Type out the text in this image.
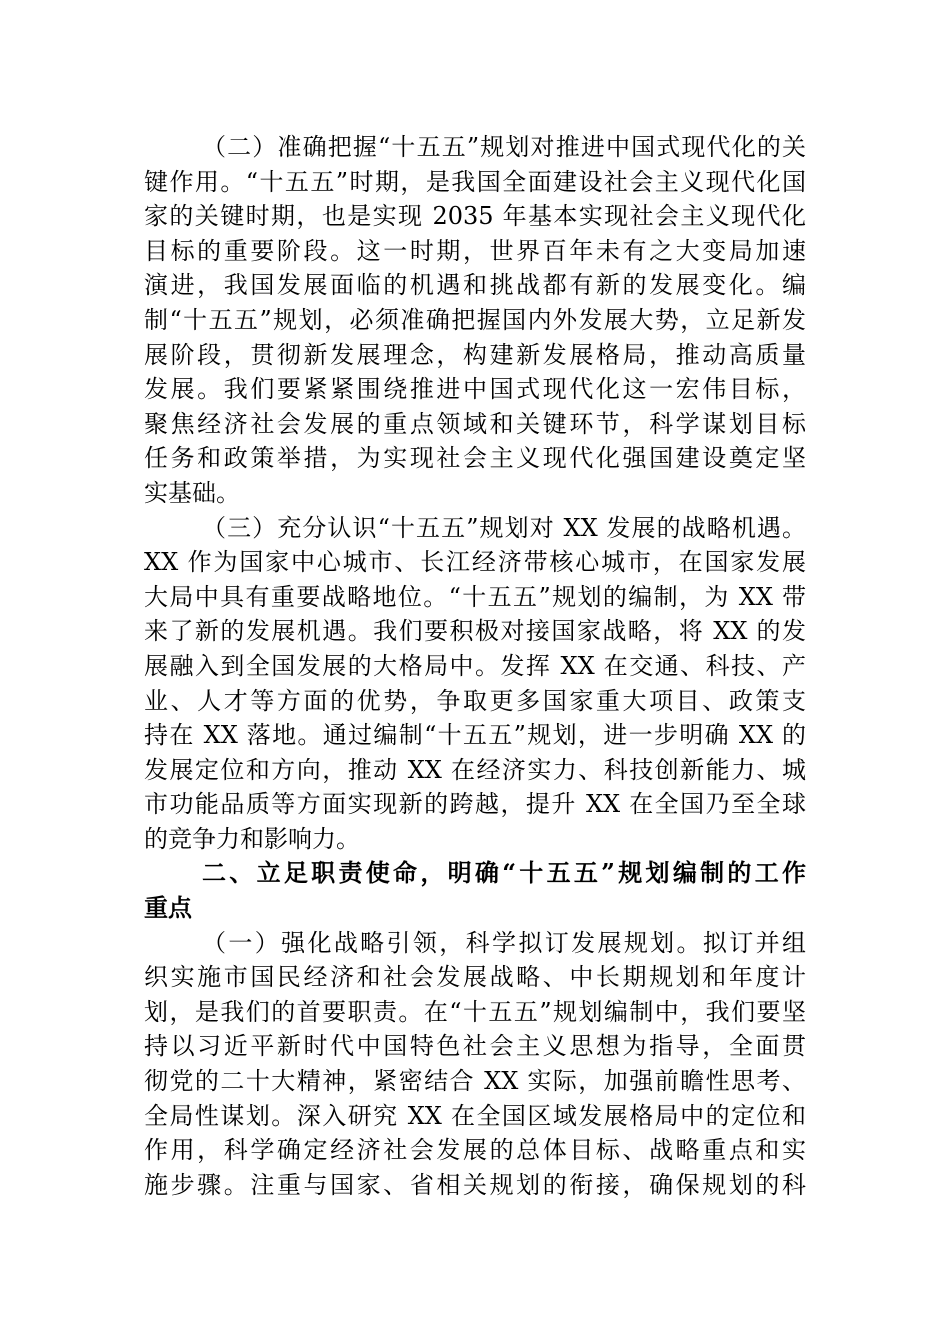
（二）准确把握“十五五”规划对推进中国式现代化的关
键作用。“十五五”时期，是我国全面建设社会主义现代化国
家的关键时期，也是实现 2035 年基本实现社会主义现代化
目标的重要阶段。这一时期，世界百年未有之大变局加速
演进，我国发展面临的机遇和挑战都有新的发展变化。编
制“十五五”规划，必须准确把握国内外发展大势，立足新发
展阶段，贯彻新发展理念，构建新发展格局，推动高质量
发展。我们要紧紧围绕推进中国式现代化这一宏伟目标，
聚焦经济社会发展的重点领域和关键环节，科学谋划目标
任务和政策举措，为实现社会主义现代化强国建设奠定坚
实基础。
（三）充分认识“十五五”规划对 XX 发展的战略机遇。
XX 作为国家中心城市、长江经济带核心城市，在国家发展
大局中具有重要战略地位。“十五五”规划的编制，为 XX 带
来了新的发展机遇。我们要积极对接国家战略，将 XX 的发
展融入到全国发展的大格局中。发挥 XX 在交通、科技、产
业、人才等方面的优势，争取更多国家重大项目、政策支
持在 XX 落地。通过编制“十五五”规划，进一步明确 XX 的
发展定位和方向，推动 XX 在经济实力、科技创新能力、城
市功能品质等方面实现新的跨越，提升 XX 在全国乃至全球
的竞争力和影响力。
二、立足职责使命，明确“十五五”规划编制的工作
重点
（一）强化战略引领，科学拟订发展规划。拟订并组
织实施市国民经济和社会发展战略、中长期规划和年度计
划，是我们的首要职责。在“十五五”规划编制中，我们要坚
持以习近平新时代中国特色社会主义思想为指导，全面贯
彻党的二十大精神，紧密结合 XX 实际，加强前瞻性思考、
全局性谋划。深入研究 XX 在全国区域发展格局中的定位和
作用，科学确定经济社会发展的总体目标、战略重点和实
施步骤。注重与国家、省相关规划的衔接，确保规划的科
